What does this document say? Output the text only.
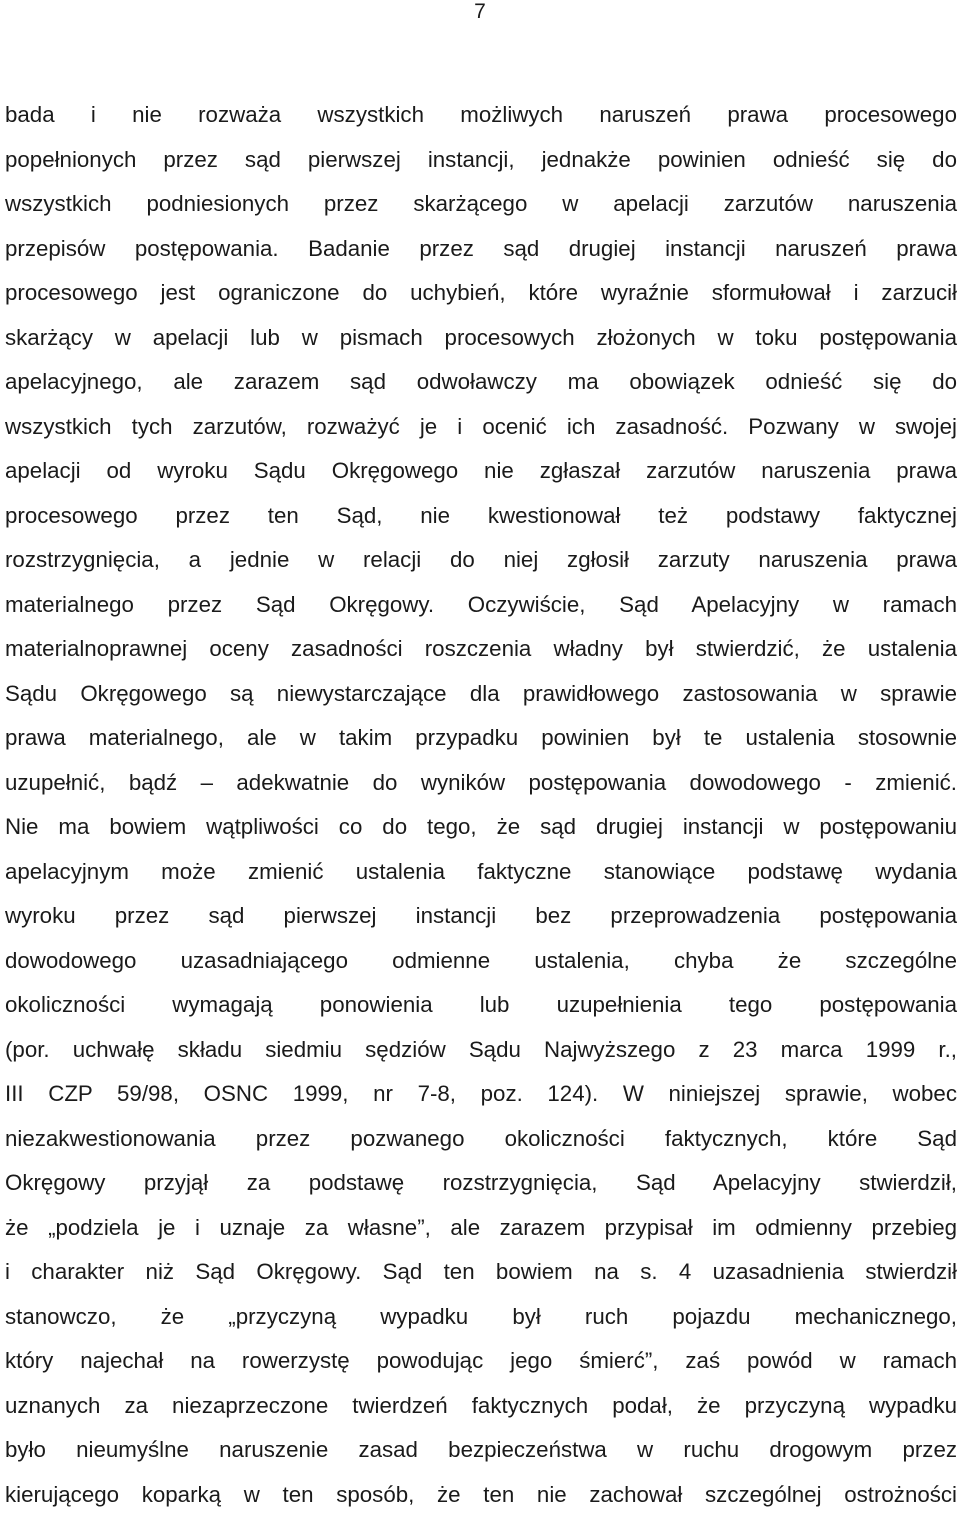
7
bada i nie rozważa wszystkich możliwych naruszeń prawa procesowego
popełnionych przez sąd pierwszej instancji, jednakże powinien odnieść się do
wszystkich podniesionych przez skarżącego w apelacji zarzutów naruszenia
przepisów postępowania. Badanie przez sąd drugiej instancji naruszeń prawa
procesowego jest ograniczone do uchybień, które wyraźnie sformułował i zarzucił
skarżący w apelacji lub w pismach procesowych złożonych w toku postępowania
apelacyjnego, ale zarazem sąd odwoławczy ma obowiązek odnieść się do
wszystkich tych zarzutów, rozważyć je i ocenić ich zasadność. Pozwany w swojej
apelacji od wyroku Sądu Okręgowego nie zgłaszał zarzutów naruszenia prawa
procesowego przez ten Sąd, nie kwestionował też podstawy faktycznej
rozstrzygnięcia, a jednie w relacji do niej zgłosił zarzuty naruszenia prawa
materialnego przez Sąd Okręgowy. Oczywiście, Sąd Apelacyjny w ramach
materialnoprawnej oceny zasadności roszczenia władny był stwierdzić, że ustalenia
Sądu Okręgowego są niewystarczające dla prawidłowego zastosowania w sprawie
prawa materialnego, ale w takim przypadku powinien był te ustalenia stosownie
uzupełnić, bądź – adekwatnie do wyników postępowania dowodowego - zmienić.
Nie ma bowiem wątpliwości co do tego, że sąd drugiej instancji w postępowaniu
apelacyjnym może zmienić ustalenia faktyczne stanowiące podstawę wydania
wyroku przez sąd pierwszej instancji bez przeprowadzenia postępowania
dowodowego uzasadniającego odmienne ustalenia, chyba że szczególne
okoliczności wymagają ponowienia lub uzupełnienia tego postępowania
(por. uchwałę składu siedmiu sędziów Sądu Najwyższego z 23 marca 1999 r.,
III CZP 59/98, OSNC 1999, nr 7-8, poz. 124). W niniejszej sprawie, wobec
niezakwestionowania przez pozwanego okoliczności faktycznych, które Sąd
Okręgowy przyjął za podstawę rozstrzygnięcia, Sąd Apelacyjny stwierdził,
że „podziela je i uznaje za własne”, ale zarazem przypisał im odmienny przebieg
i charakter niż Sąd Okręgowy. Sąd ten bowiem na s. 4 uzasadnienia stwierdził
stanowczo, że „przyczyną wypadku był ruch pojazdu mechanicznego,
który najechał na rowerzystę powodując jego śmierć”, zaś powód w ramach
uznanych za niezaprzeczone twierdzeń faktycznych podał, że przyczyną wypadku
było nieumyślne naruszenie zasad bezpieczeństwa w ruchu drogowym przez
kierującego koparką w ten sposób, że ten nie zachował szczególnej ostrożności
